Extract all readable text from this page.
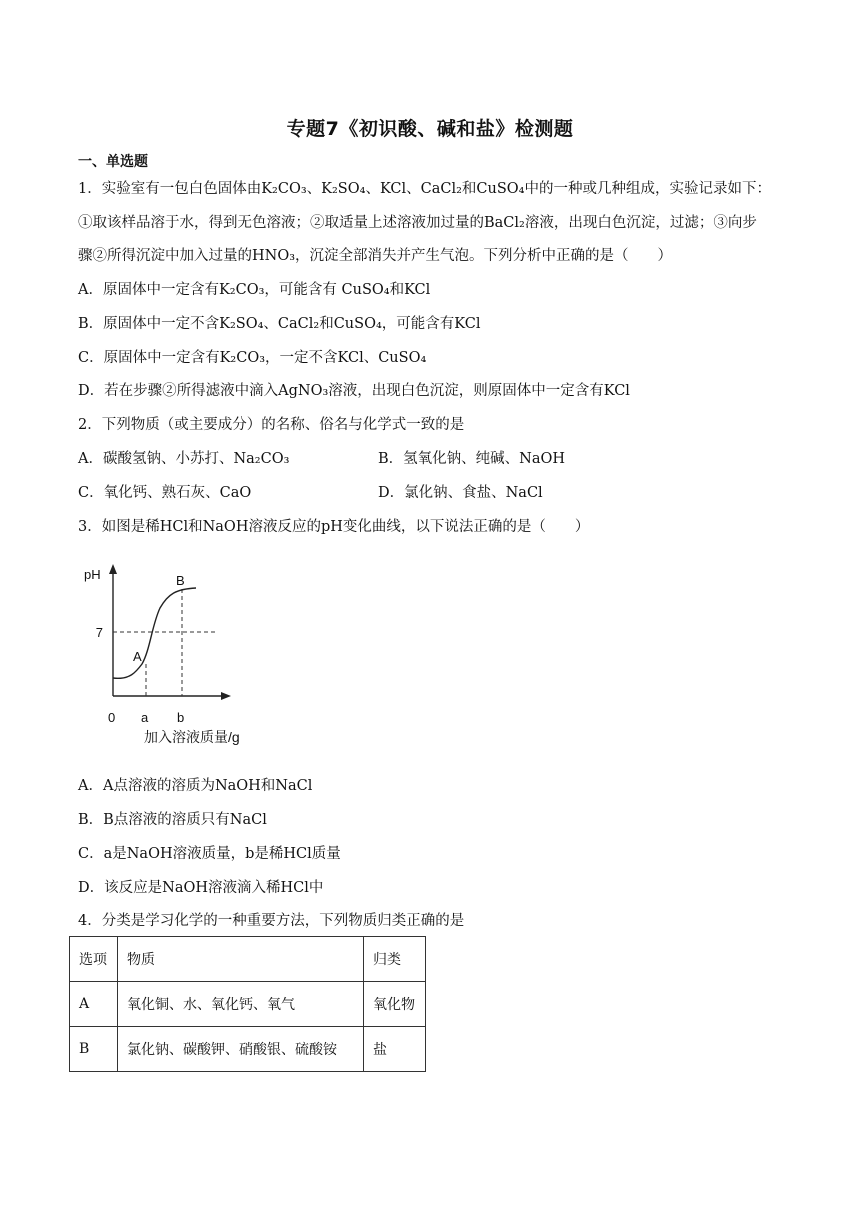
专题7《初识酸、碱和盐》检测题
一、单选题
1．实验室有一包白色固体由K₂CO₃、K₂SO₄、KCl、CaCl₂和CuSO₄中的一种或几种组成，实验记录如下：
①取该样品溶于水，得到无色溶液；②取适量上述溶液加过量的BaCl₂溶液，出现白色沉淀，过滤；③向步
骤②所得沉淀中加入过量的HNO₃，沉淀全部消失并产生气泡。下列分析中正确的是（　　）
A．原固体中一定含有K₂CO₃，可能含有 CuSO₄和KCl
B．原固体中一定不含K₂SO₄、CaCl₂和CuSO₄，可能含有KCl
C．原固体中一定含有K₂CO₃，一定不含KCl、CuSO₄
D．若在步骤②所得滤液中滴入AgNO₃溶液，出现白色沉淀，则原固体中一定含有KCl
2．下列物质（或主要成分）的名称、俗名与化学式一致的是
A．碳酸氢钠、小苏打、Na₂CO₃	B．氢氧化钠、纯碱、NaOH
C．氧化钙、熟石灰、CaO	D．氯化钠、食盐、NaCl
3．如图是稀HCl和NaOH溶液反应的pH变化曲线，以下说法正确的是（　　）
pH
7
A
B
0 a b
加入溶液质量/g
A．A点溶液的溶质为NaOH和NaCl
B．B点溶液的溶质只有NaCl
C．a是NaOH溶液质量，b是稀HCl质量
D．该反应是NaOH溶液滴入稀HCl中
4．分类是学习化学的一种重要方法，下列物质归类正确的是
选项	物质	归类
A	氧化铜、水、氧化钙、氧气	氧化物
B	氯化钠、碳酸钾、硝酸银、硫酸铵	盐
